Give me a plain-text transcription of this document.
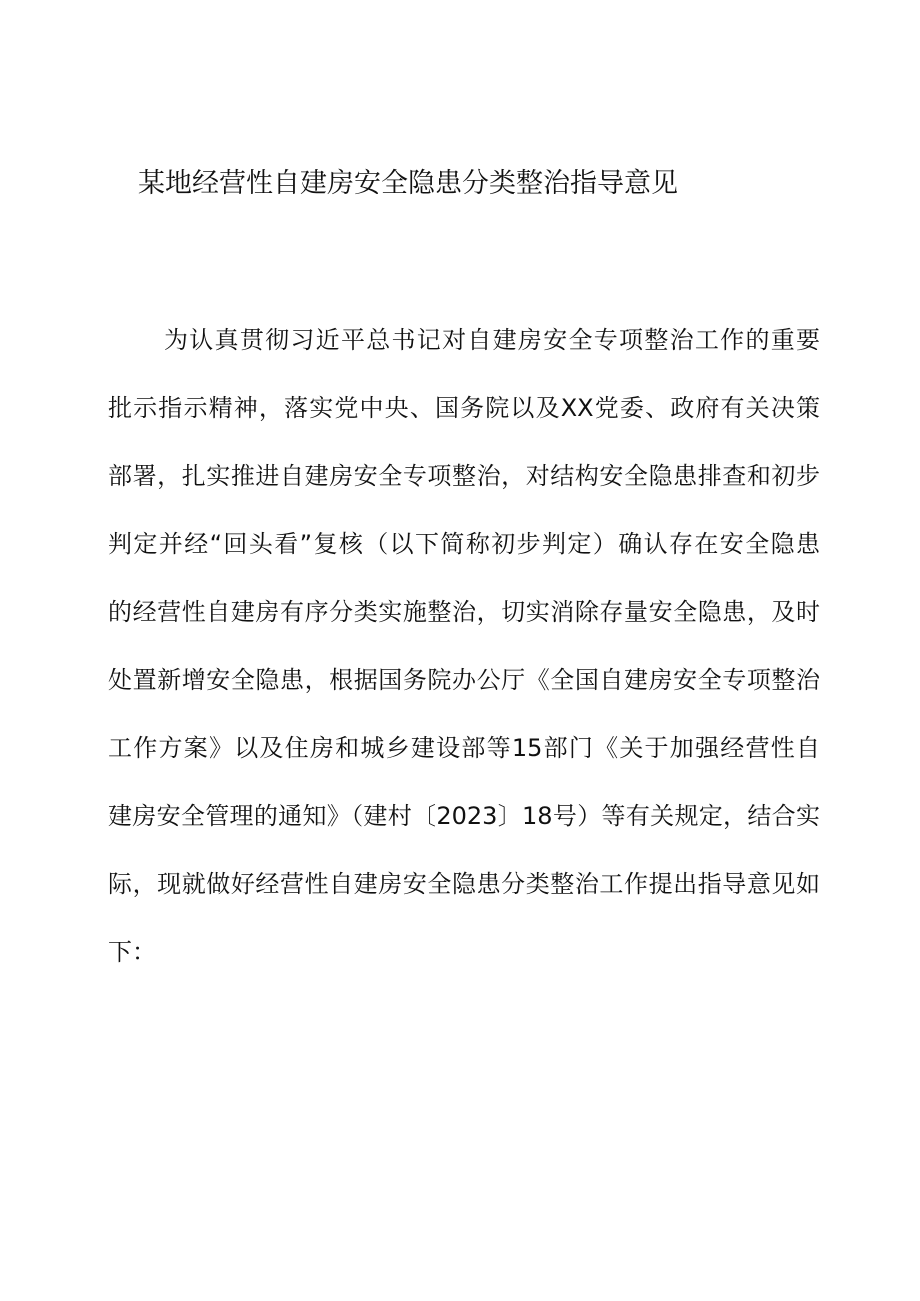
某地经营性自建房安全隐患分类整治指导意见
为认真贯彻习近平总书记对自建房安全专项整治工作的重要
批示指示精神，落实党中央、国务院以及XX党委、政府有关决策
部署，扎实推进自建房安全专项整治，对结构安全隐患排查和初步
判定并经“回头看”复核（以下简称初步判定）确认存在安全隐患
的经营性自建房有序分类实施整治，切实消除存量安全隐患，及时
处置新增安全隐患，根据国务院办公厅《全国自建房安全专项整治
工作方案》以及住房和城乡建设部等15部门《关于加强经营性自
建房安全管理的通知》（建村〔2023〕18号）等有关规定，结合实
际，现就做好经营性自建房安全隐患分类整治工作提出指导意见如
下：
